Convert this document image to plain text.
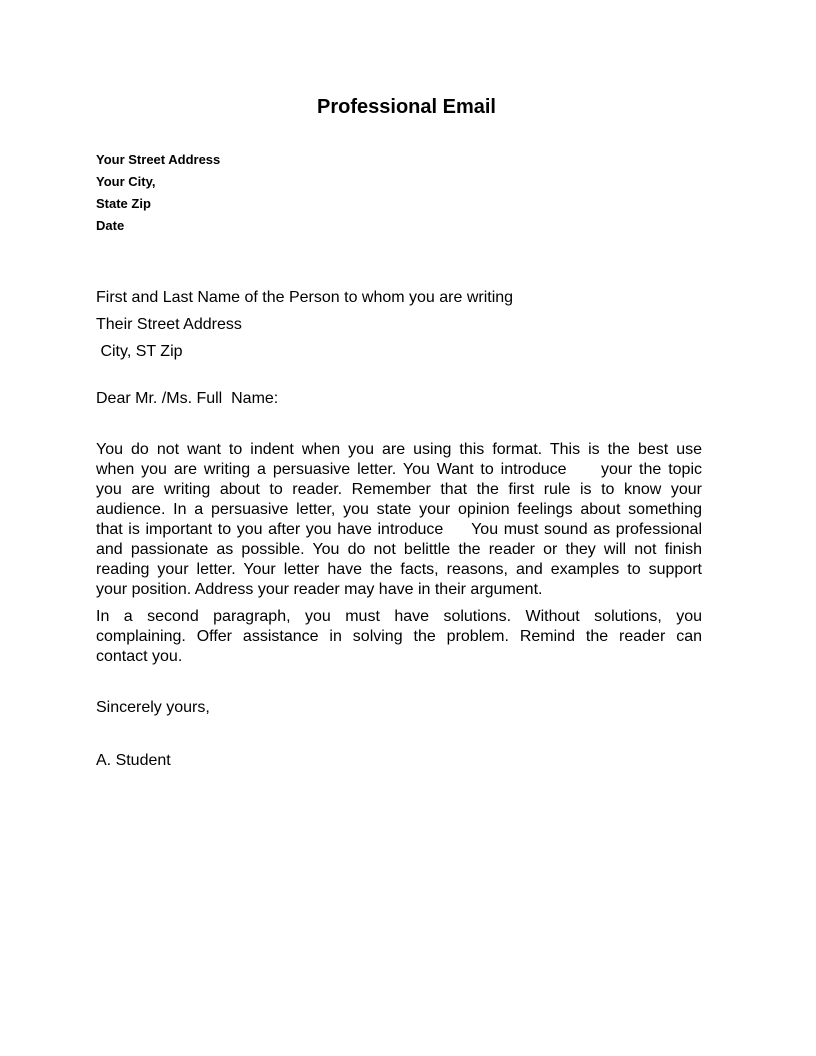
Professional Email
Your Street Address
Your City,
State Zip
Date
First and Last Name of the Person to whom you are writing
Their Street Address
City, ST Zip
Dear Mr. /Ms. Full  Name:
You do not want to indent when you are using this format. This is the best use
when you are writing a persuasive letter. You Want to introduce     your the topic
you are writing about to reader. Remember that the first rule is to know your
audience. In a persuasive letter, you state your opinion feelings about something
that is important to you after you have introduce     You must sound as professional
and passionate as possible. You do not belittle the reader or they will not finish
reading your letter. Your letter have the facts, reasons, and examples to support
your position. Address your reader may have in their argument.
In a second paragraph, you must have solutions. Without solutions, you
complaining. Offer assistance in solving the problem. Remind the reader can
contact you.
Sincerely yours,
A. Student
